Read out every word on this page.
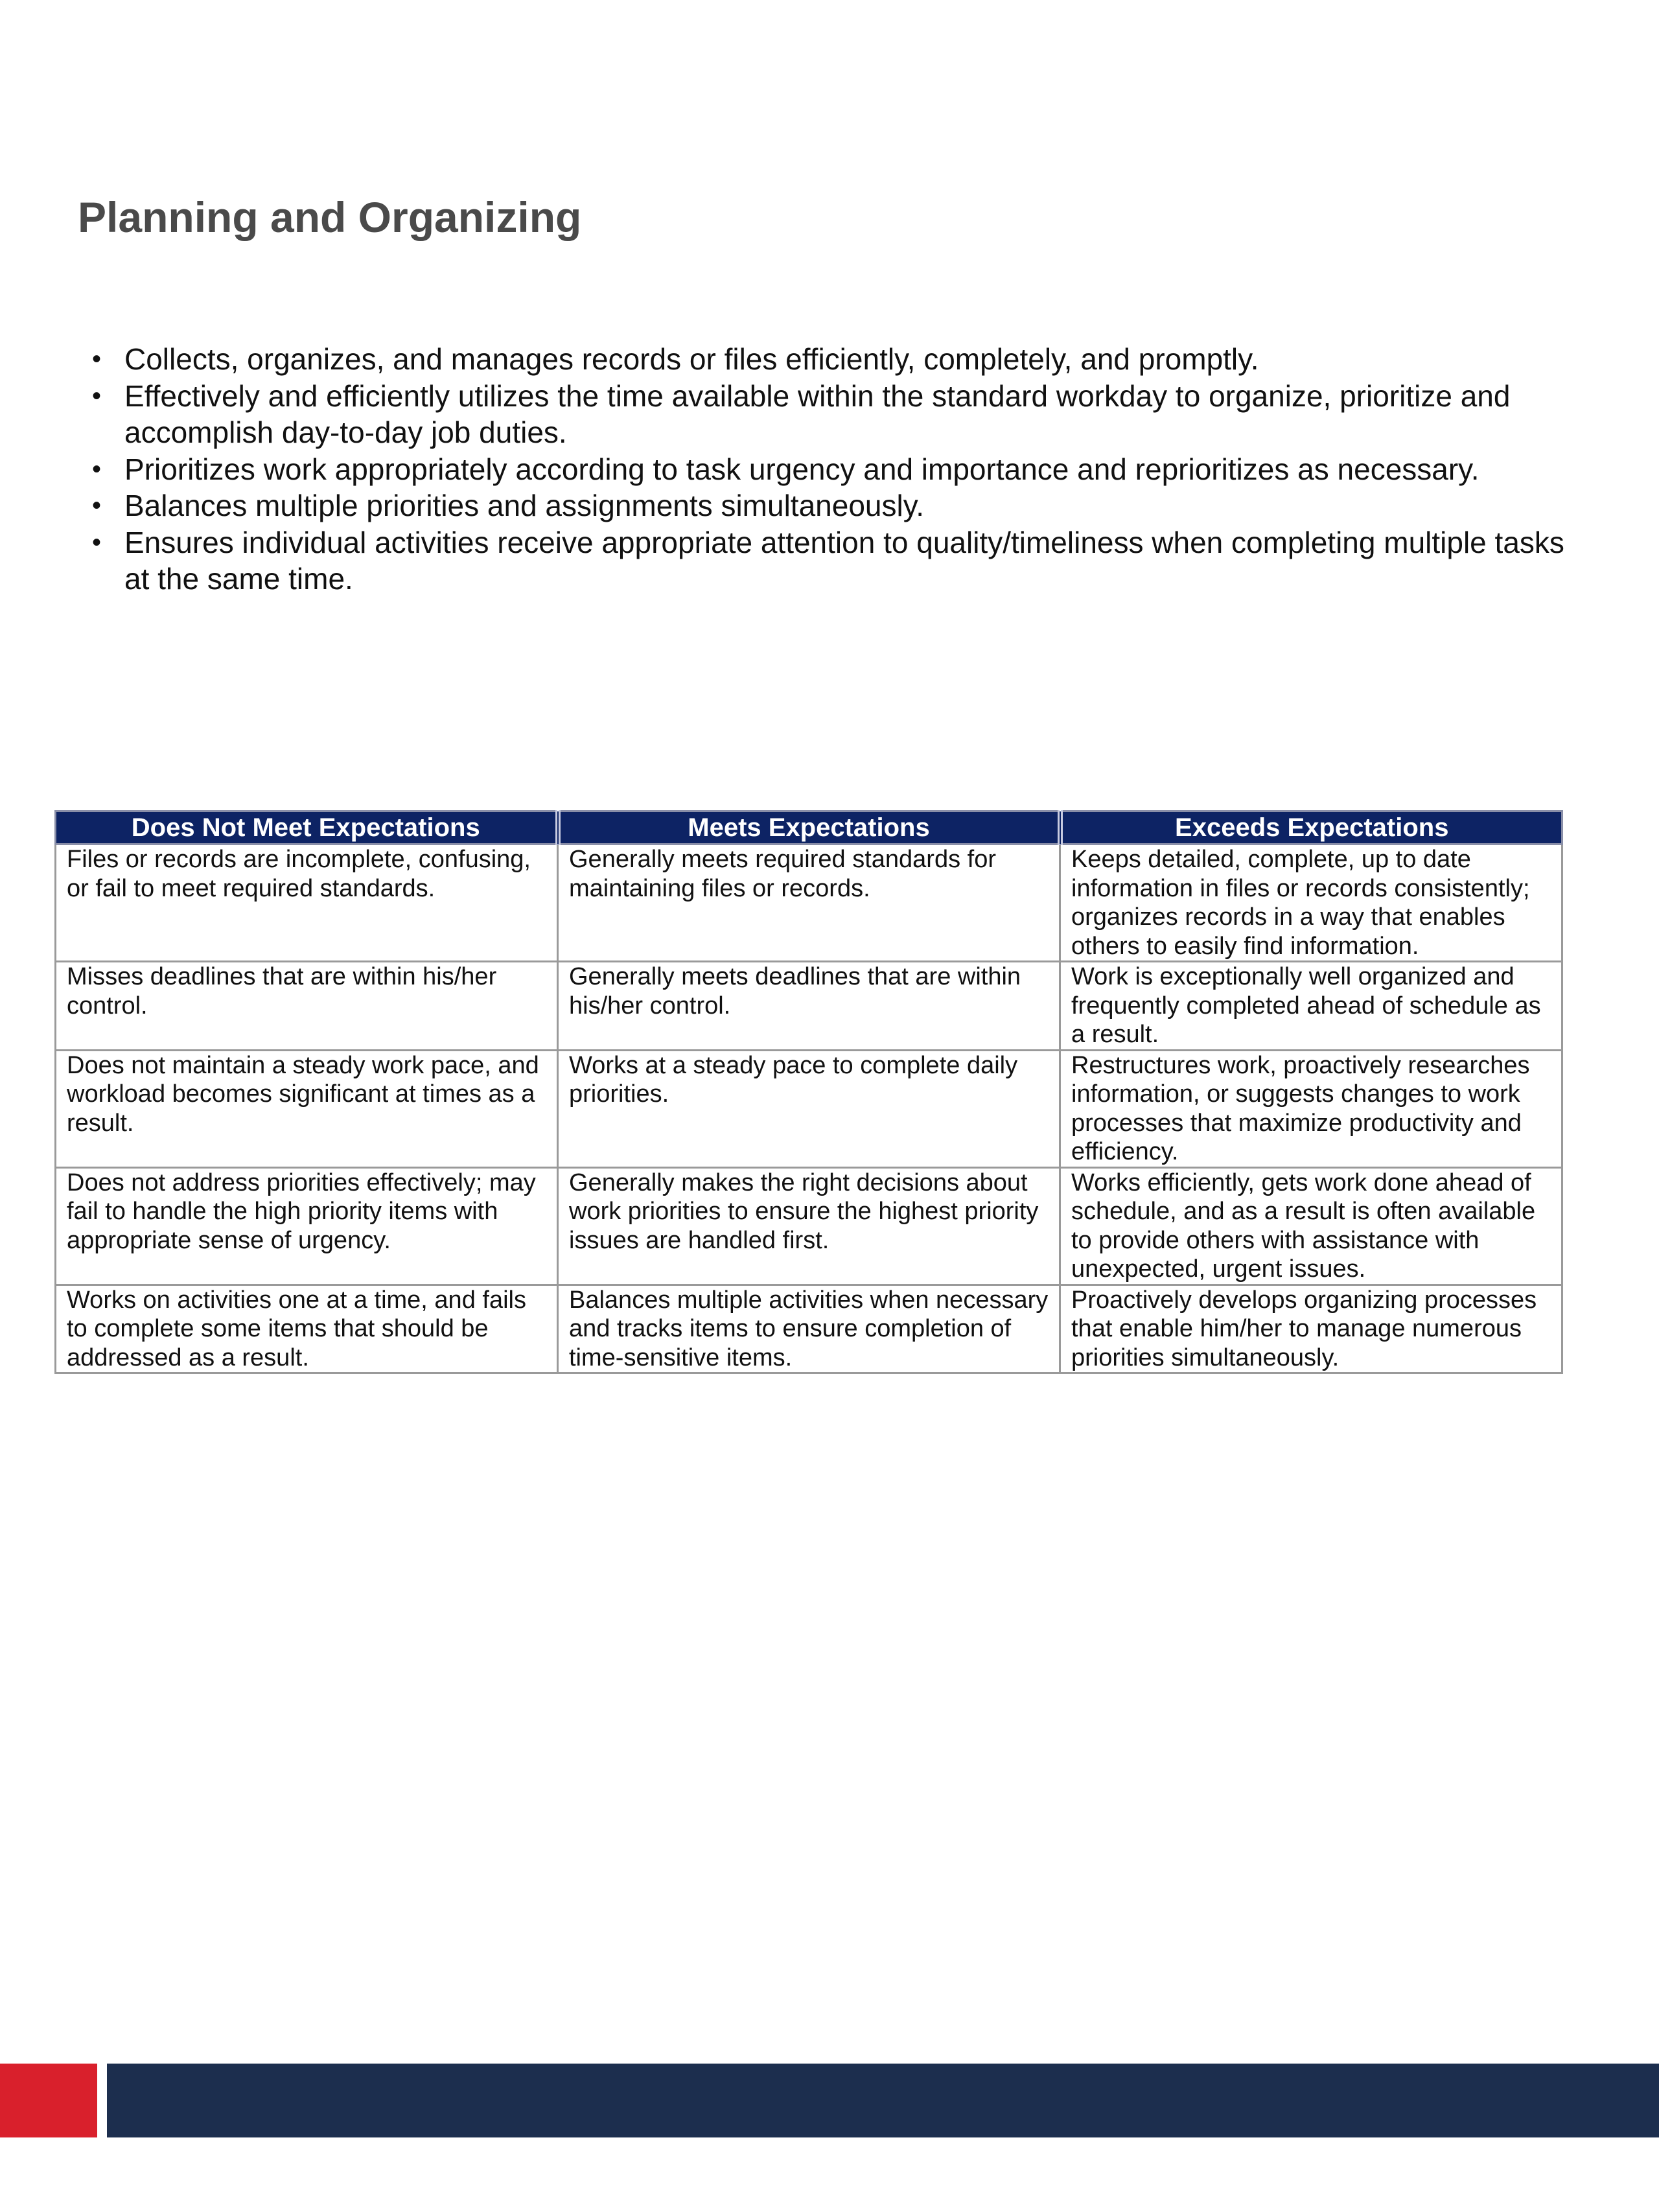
Planning and Organizing
• Collects, organizes, and manages records or files efficiently, completely, and promptly.
• Effectively and efficiently utilizes the time available within the standard workday to organize, prioritize and accomplish day-to-day job duties.
• Prioritizes work appropriately according to task urgency and importance and reprioritizes as necessary.
• Balances multiple priorities and assignments simultaneously.
• Ensures individual activities receive appropriate attention to quality/timeliness when completing multiple tasks at the same time.
Does Not Meet Expectations	Meets Expectations	Exceeds Expectations
Files or records are incomplete, confusing, or fail to meet required standards.	Generally meets required standards for maintaining files or records.	Keeps detailed, complete, up to date information in files or records consistently; organizes records in a way that enables others to easily find information.
Misses deadlines that are within his/her control.	Generally meets deadlines that are within his/her control.	Work is exceptionally well organized and frequently completed ahead of schedule as a result.
Does not maintain a steady work pace, and workload becomes significant at times as a result.	Works at a steady pace to complete daily priorities.	Restructures work, proactively researches information, or suggests changes to work processes that maximize productivity and efficiency.
Does not address priorities effectively; may fail to handle the high priority items with appropriate sense of urgency.	Generally makes the right decisions about work priorities to ensure the highest priority issues are handled first.	Works efficiently, gets work done ahead of schedule, and as a result is often available to provide others with assistance with unexpected, urgent issues.
Works on activities one at a time, and fails to complete some items that should be addressed as a result.	Balances multiple activities when necessary and tracks items to ensure completion of time-sensitive items.	Proactively develops organizing processes that enable him/her to manage numerous priorities simultaneously.
